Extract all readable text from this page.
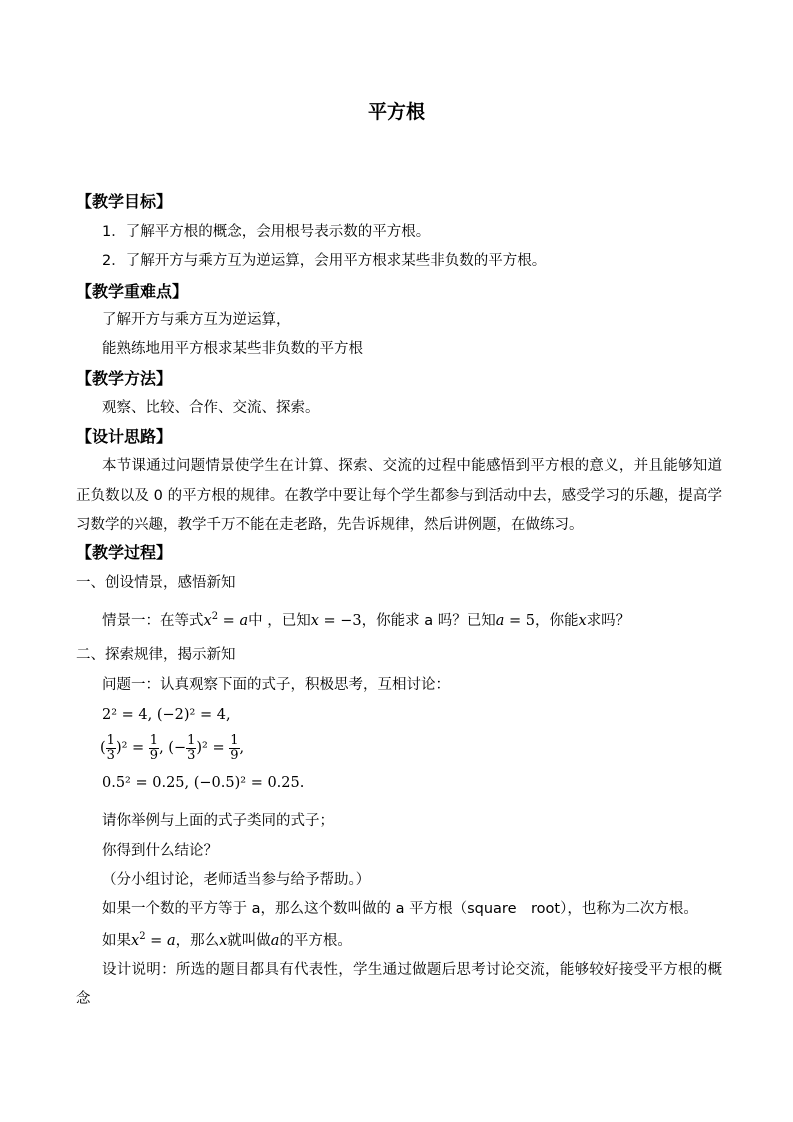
平方根
【教学目标】
1．了解平方根的概念，会用根号表示数的平方根。
2．了解开方与乘方互为逆运算，会用平方根求某些非负数的平方根。
【教学重难点】
了解开方与乘方互为逆运算，
能熟练地用平方根求某些非负数的平方根
【教学方法】
观察、比较、合作、交流、探索。
【设计思路】
本节课通过问题情景使学生在计算、探索、交流的过程中能感悟到平方根的意义，并且能够知道正负数以及 0 的平方根的规律。在教学中要让每个学生都参与到活动中去，感受学习的乐趣，提高学习数学的兴趣，教学千万不能在走老路，先告诉规律，然后讲例题，在做练习。
【教学过程】
一、创设情景，感悟新知
情景一：在等式$x^2 = a$中 ，已知x = −3，你能求 a 吗？已知a = 5，你能x求吗？
二、探索规律，揭示新知
问题一：认真观察下面的式子，积极思考，互相讨论：
2² = 4, (−2)² = 4,
( $\frac{1}{3} )^2 = \frac{1}{9}$ , (− $\frac{1}{3} )^2 = \frac{1}{9}$ ,
0.5² = 0.25, (−0.5)² = 0.25.
请你举例与上面的式子类同的式子；
你得到什么结论？
（分小组讨论，老师适当参与给予帮助。）
如果一个数的平方等于 a，那么这个数叫做的 a 平方根（square　root），也称为二次方根。
如果$x^2 = a$，那么x就叫做a的平方根。
设计说明：所选的题目都具有代表性，学生通过做题后思考讨论交流，能够较好接受平方根的概念
